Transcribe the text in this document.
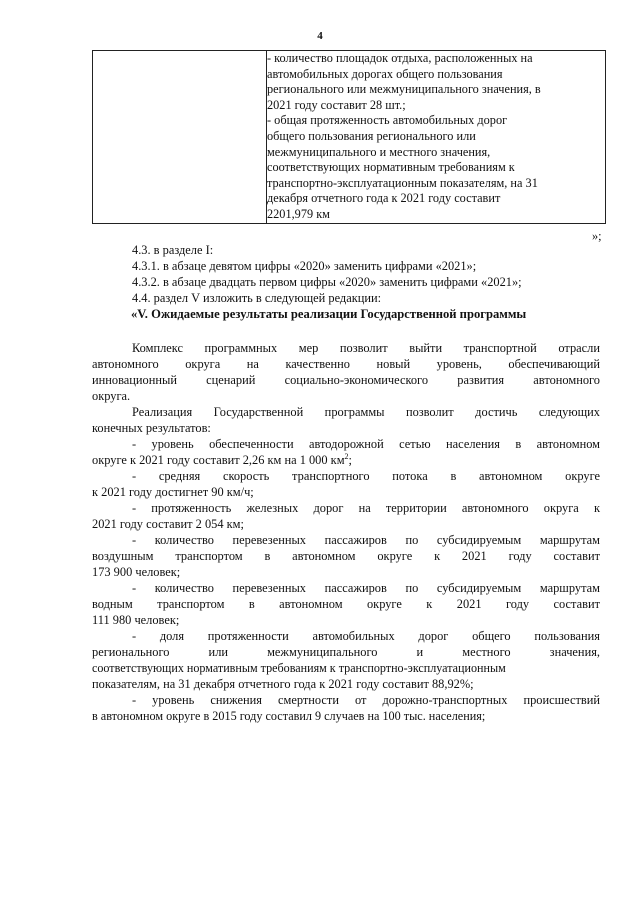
4

- количество площадок отдыха, расположенных на
автомобильных дорогах общего пользования
регионального или межмуниципального значения, в
2021 году составит 28 шт.;
- общая протяженность автомобильных дорог
общего пользования регионального или
межмуниципального и местного значения,
соответствующих нормативным требованиям к
транспортно-эксплуатационным показателям, на 31
декабря отчетного года к 2021 году составит
2201,979 км
»;
4.3. в разделе I:
4.3.1. в абзаце девятом цифры «2020» заменить цифрами «2021»;
4.3.2. в абзаце двадцать первом цифры «2020» заменить цифрами «2021»;
4.4. раздел V изложить в следующей редакции:
«V. Ожидаемые результаты реализации Государственной программы
Комплекс программных мер позволит выйти транспортной отрасли
автономного округа на качественно новый уровень, обеспечивающий
инновационный сценарий социально-экономического развития автономного
округа.
Реализация Государственной программы позволит достичь следующих
конечных результатов:
- уровень обеспеченности автодорожной сетью населения в автономном
округе к 2021 году составит 2,26 км на 1 000 $км^2$;
- средняя скорость транспортного потока в автономном округе
к 2021 году достигнет 90 км/ч;
- протяженность железных дорог на территории автономного округа к
2021 году составит 2 054 км;
- количество перевезенных пассажиров по субсидируемым маршрутам
воздушным транспортом в автономном округе к 2021 году составит
173 900 человек;
- количество перевезенных пассажиров по субсидируемым маршрутам
водным транспортом в автономном округе к 2021 году составит
111 980 человек;
- доля протяженности автомобильных дорог общего пользования
регионального или межмуниципального и местного значения,
соответствующих нормативным требованиям к транспортно-эксплуатационным
показателям, на 31 декабря отчетного года к 2021 году составит 88,92%;
- уровень снижения смертности от дорожно-транспортных происшествий
в автономном округе в 2015 году составил 9 случаев на 100 тыс. населения;
